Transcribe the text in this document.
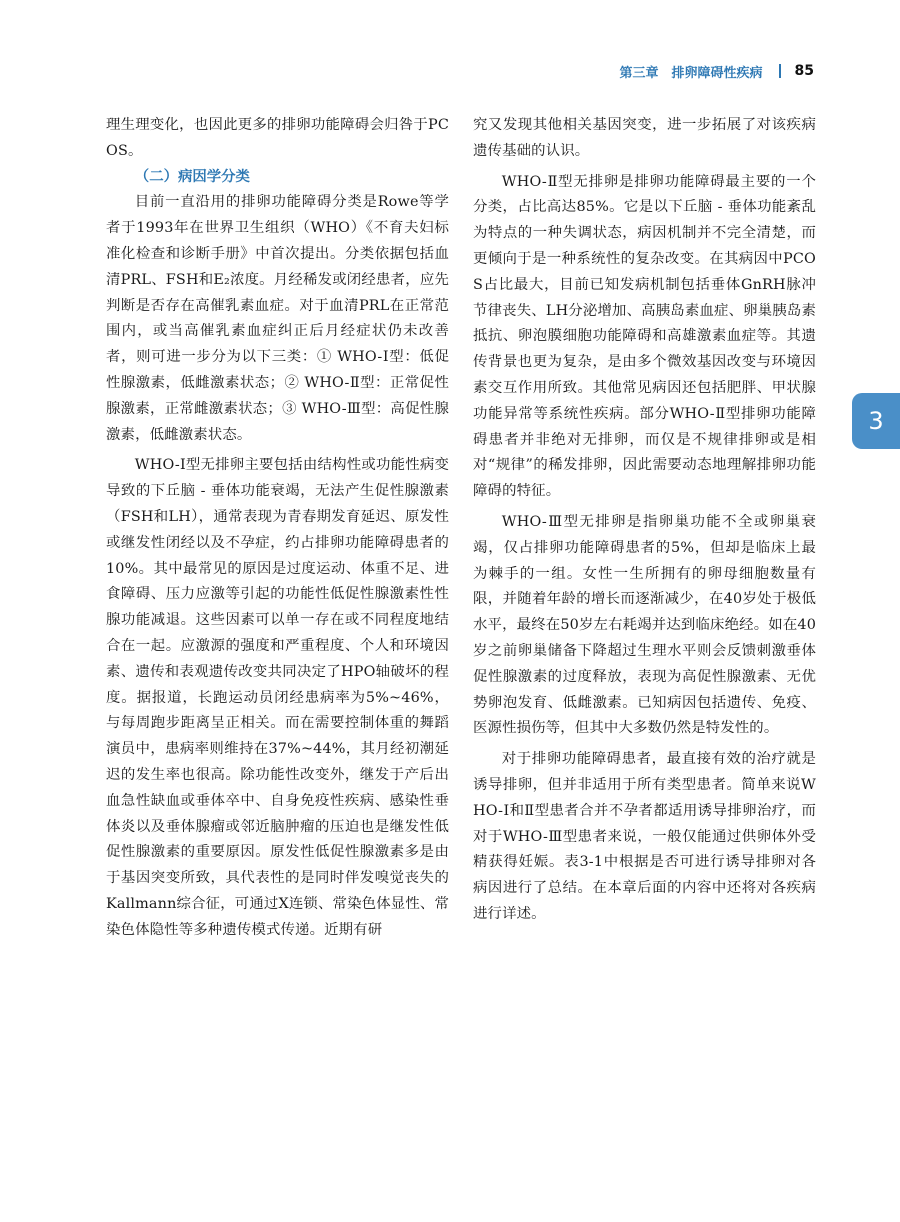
第三章　排卵障碍性疾病 85
3

理生理变化，也因此更多的排卵功能障碍会归咎于PCOS。

（二）病因学分类

目前一直沿用的排卵功能障碍分类是Rowe等学者于1993年在世界卫生组织（WHO）《不育夫妇标准化检查和诊断手册》中首次提出。分类依据包括血清PRL、FSH和E₂浓度。月经稀发或闭经患者，应先判断是否存在高催乳素血症。对于血清PRL在正常范围内，或当高催乳素血症纠正后月经症状仍未改善者，则可进一步分为以下三类：① WHO-Ⅰ型：低促性腺激素，低雌激素状态；② WHO-Ⅱ型：正常促性腺激素，正常雌激素状态；③ WHO-Ⅲ型：高促性腺激素，低雌激素状态。

WHO-Ⅰ型无排卵主要包括由结构性或功能性病变导致的下丘脑 - 垂体功能衰竭，无法产生促性腺激素（FSH和LH），通常表现为青春期发育延迟、原发性或继发性闭经以及不孕症，约占排卵功能障碍患者的10%。其中最常见的原因是过度运动、体重不足、进食障碍、压力应激等引起的功能性低促性腺激素性性腺功能减退。这些因素可以单一存在或不同程度地结合在一起。应激源的强度和严重程度、个人和环境因素、遗传和表观遗传改变共同决定了HPO轴破坏的程度。据报道，长跑运动员闭经患病率为5%~46%，与每周跑步距离呈正相关。而在需要控制体重的舞蹈演员中，患病率则维持在37%~44%，其月经初潮延迟的发生率也很高。除功能性改变外，继发于产后出血急性缺血或垂体卒中、自身免疫性疾病、感染性垂体炎以及垂体腺瘤或邻近脑肿瘤的压迫也是继发性低促性腺激素的重要原因。原发性低促性腺激素多是由于基因突变所致，具代表性的是同时伴发嗅觉丧失的Kallmann综合征，可通过X连锁、常染色体显性、常染色体隐性等多种遗传模式传递。近期有研

究又发现其他相关基因突变，进一步拓展了对该疾病遗传基础的认识。

WHO-Ⅱ型无排卵是排卵功能障碍最主要的一个分类，占比高达85%。它是以下丘脑 - 垂体功能紊乱为特点的一种失调状态，病因机制并不完全清楚，而更倾向于是一种系统性的复杂改变。在其病因中PCOS占比最大，目前已知发病机制包括垂体GnRH脉冲节律丧失、LH分泌增加、高胰岛素血症、卵巢胰岛素抵抗、卵泡膜细胞功能障碍和高雄激素血症等。其遗传背景也更为复杂，是由多个微效基因改变与环境因素交互作用所致。其他常见病因还包括肥胖、甲状腺功能异常等系统性疾病。部分WHO-Ⅱ型排卵功能障碍患者并非绝对无排卵，而仅是不规律排卵或是相对“规律”的稀发排卵，因此需要动态地理解排卵功能障碍的特征。

WHO-Ⅲ型无排卵是指卵巢功能不全或卵巢衰竭，仅占排卵功能障碍患者的5%，但却是临床上最为棘手的一组。女性一生所拥有的卵母细胞数量有限，并随着年龄的增长而逐渐减少，在40岁处于极低水平，最终在50岁左右耗竭并达到临床绝经。如在40岁之前卵巢储备下降超过生理水平则会反馈刺激垂体促性腺激素的过度释放，表现为高促性腺激素、无优势卵泡发育、低雌激素。已知病因包括遗传、免疫、医源性损伤等，但其中大多数仍然是特发性的。

对于排卵功能障碍患者，最直接有效的治疗就是诱导排卵，但并非适用于所有类型患者。简单来说WHO-Ⅰ和Ⅱ型患者合并不孕者都适用诱导排卵治疗，而对于WHO-Ⅲ型患者来说，一般仅能通过供卵体外受精获得妊娠。表3-1中根据是否可进行诱导排卵对各病因进行了总结。在本章后面的内容中还将对各疾病进行详述。
